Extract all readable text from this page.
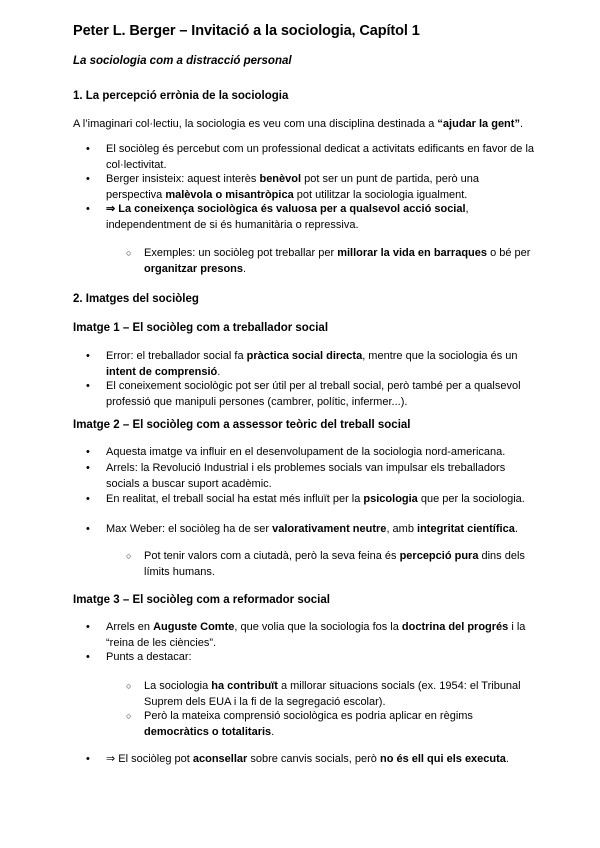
Peter L. Berger – Invitació a la sociologia, Capítol 1
La sociologia com a distracció personal
1. La percepció errònia de la sociologia
A l’imaginari col·lectiu, la sociologia es veu com una disciplina destinada a “ajudar la gent”.
• El sociòleg és percebut com un professional dedicat a activitats edificants en favor de la col·lectivitat.
• Berger insisteix: aquest interès benèvol pot ser un punt de partida, però una perspectiva malèvola o misantròpica pot utilitzar la sociologia igualment.
• ⇒ La coneixença sociològica és valuosa per a qualsevol acció social, independentment de si és humanitària o repressiva.
○ Exemples: un sociòleg pot treballar per millorar la vida en barraques o bé per organitzar presons.
2. Imatges del sociòleg
Imatge 1 – El sociòleg com a treballador social
• Error: el treballador social fa pràctica social directa, mentre que la sociologia és un intent de comprensió.
• El coneixement sociològic pot ser útil per al treball social, però també per a qualsevol professió que manipuli persones (cambrer, polític, infermer...).
Imatge 2 – El sociòleg com a assessor teòric del treball social
• Aquesta imatge va influir en el desenvolupament de la sociologia nord-americana.
• Arrels: la Revolució Industrial i els problemes socials van impulsar els treballadors socials a buscar suport acadèmic.
• En realitat, el treball social ha estat més influït per la psicologia que per la sociologia.
• Max Weber: el sociòleg ha de ser valorativament neutre, amb integritat científica.
○ Pot tenir valors com a ciutadà, però la seva feina és percepció pura dins dels límits humans.
Imatge 3 – El sociòleg com a reformador social
• Arrels en Auguste Comte, que volia que la sociologia fos la doctrina del progrés i la “reina de les ciències”.
• Punts a destacar:
○ La sociologia ha contribuït a millorar situacions socials (ex. 1954: el Tribunal Suprem dels EUA i la fi de la segregació escolar).
○ Però la mateixa comprensió sociològica es podria aplicar en règims democràtics o totalitaris.
• ⇒ El sociòleg pot aconsellar sobre canvis socials, però no és ell qui els executa.
